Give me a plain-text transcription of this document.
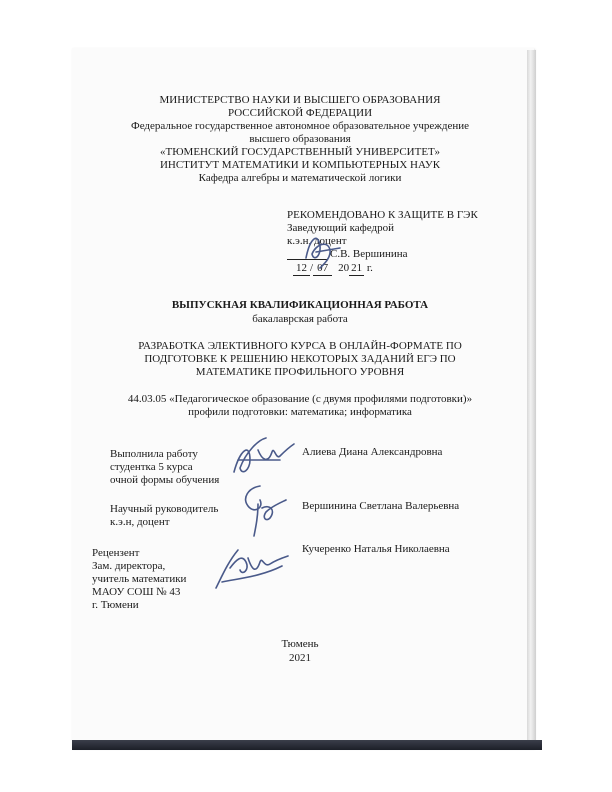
МИНИСТЕРСТВО НАУКИ И ВЫСШЕГО ОБРАЗОВАНИЯ
РОССИЙСКОЙ ФЕДЕРАЦИИ
Федеральное государственное автономное образовательное учреждение
высшего образования
«ТЮМЕНСКИЙ ГОСУДАРСТВЕННЫЙ УНИВЕРСИТЕТ»
ИНСТИТУТ МАТЕМАТИКИ И КОМПЬЮТЕРНЫХ НАУК
Кафедра алгебры и математической логики
РЕКОМЕНДОВАНО К ЗАЩИТЕ В ГЭК
Заведующий кафедрой
к.э.н, доцент
С.В. Вершинина
12 / 07 20 21 г.
ВЫПУСКНАЯ КВАЛИФИКАЦИОННАЯ РАБОТА
бакалаврская работа
РАЗРАБОТКА ЭЛЕКТИВНОГО КУРСА В ОНЛАЙН-ФОРМАТЕ ПО
ПОДГОТОВКЕ К РЕШЕНИЮ НЕКОТОРЫХ ЗАДАНИЙ ЕГЭ ПО
МАТЕМАТИКЕ ПРОФИЛЬНОГО УРОВНЯ
44.03.05 «Педагогическое образование (с двумя профилями подготовки)»
профили подготовки: математика; информатика
Выполнила работу
студентка 5 курса
очной формы обучения
Алиева Диана Александровна
Научный руководитель
к.э.н, доцент
Вершинина Светлана Валерьевна
Рецензент
Зам. директора,
учитель математики
МАОУ СОШ № 43
г. Тюмени
Кучеренко Наталья Николаевна
Тюмень
2021
